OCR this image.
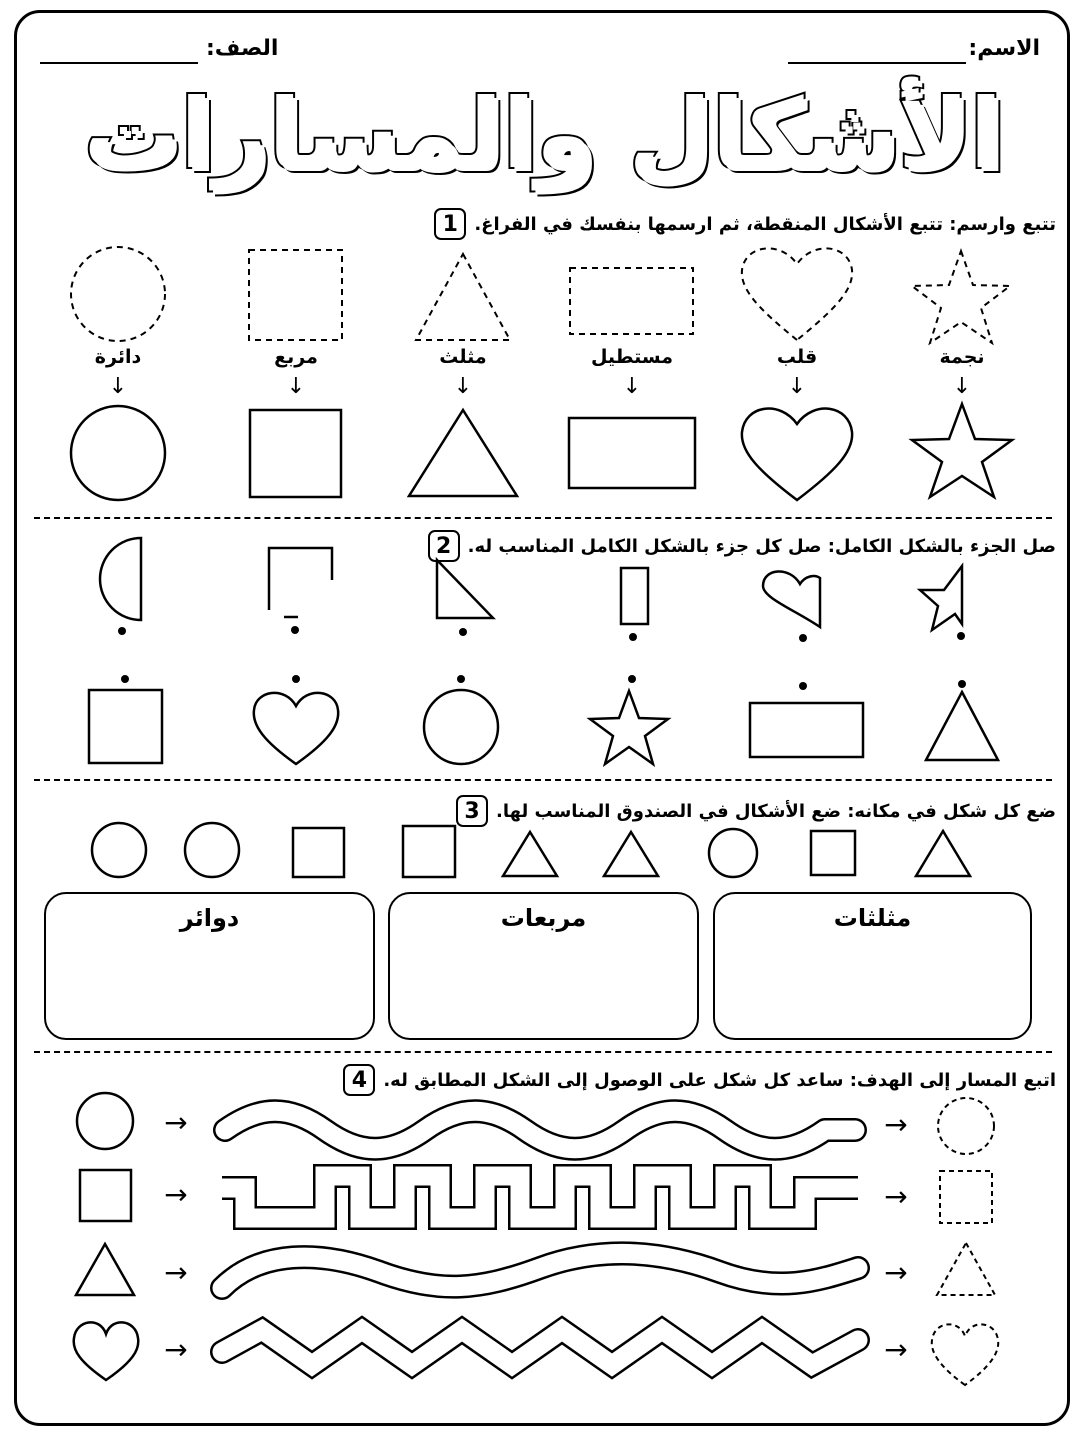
الاسم:
الصف:
الأشكال والمسارات
1 تتبع وارسم: تتبع الأشكال المنقطة، ثم ارسمها بنفسك في الفراغ.
نجمة
قلب
مستطيل
مثلث
مربع
دائرة
↓
↓
↓
↓
↓
↓
2 صل الجزء بالشكل الكامل: صل كل جزء بالشكل الكامل المناسب له.
3 ضع كل شكل في مكانه: ضع الأشكال في الصندوق المناسب لها.
مثلثات
مربعات
دوائر
4 اتبع المسار إلى الهدف: ساعد كل شكل على الوصول إلى الشكل المطابق له.
→	→
→	→
→	→
→	→
